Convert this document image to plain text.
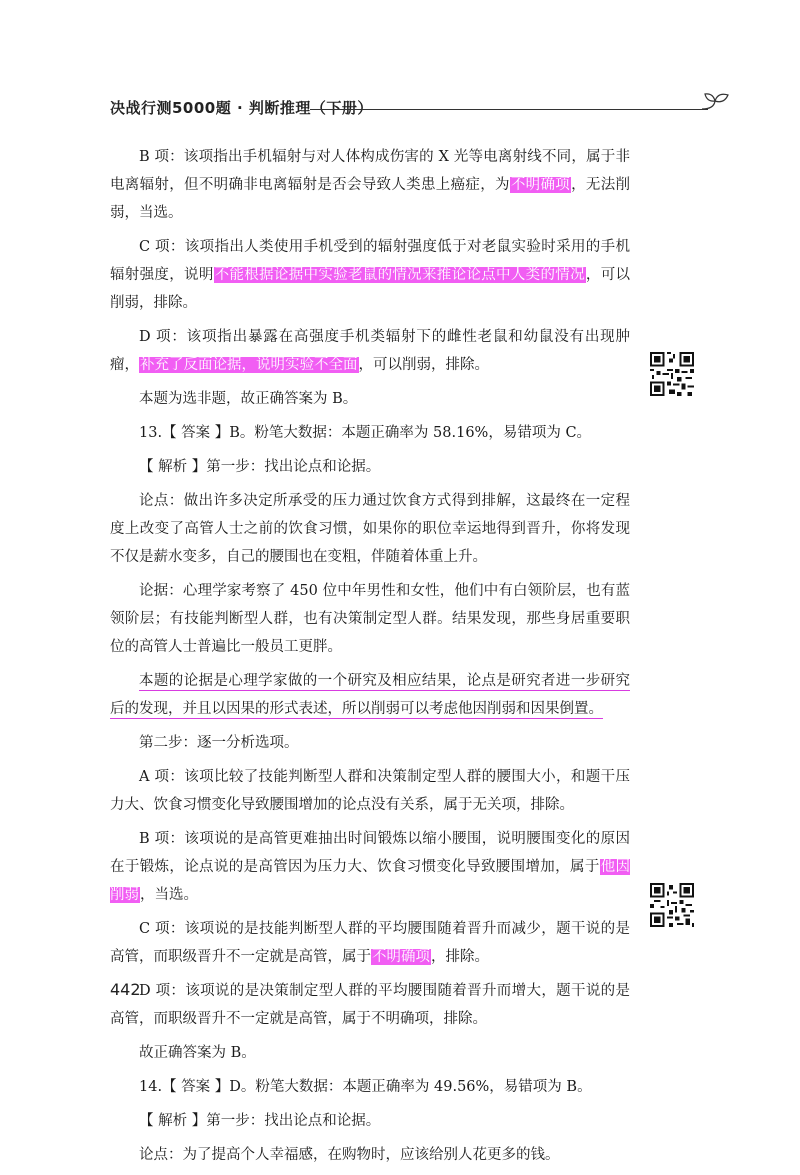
决战行测5000题 · 判断推理（下册）

B 项：该项指出手机辐射与对人体构成伤害的 X 光等电离射线不同，属于非电离辐射，但不明确非电离辐射是否会导致人类患上癌症，为不明确项，无法削弱，当选。

C 项：该项指出人类使用手机受到的辐射强度低于对老鼠实验时采用的手机辐射强度，说明不能根据论据中实验老鼠的情况来推论论点中人类的情况，可以削弱，排除。

D 项：该项指出暴露在高强度手机类辐射下的雌性老鼠和幼鼠没有出现肿瘤，补充了反面论据，说明实验不全面，可以削弱，排除。

本题为选非题，故正确答案为 B。

13.【 答案 】B。粉笔大数据：本题正确率为 58.16%，易错项为 C。

【 解析 】第一步：找出论点和论据。

论点：做出许多决定所承受的压力通过饮食方式得到排解，这最终在一定程度上改变了高管人士之前的饮食习惯，如果你的职位幸运地得到晋升，你将发现不仅是薪水变多，自己的腰围也在变粗，伴随着体重上升。

论据：心理学家考察了 450 位中年男性和女性，他们中有白领阶层，也有蓝领阶层；有技能判断型人群，也有决策制定型人群。结果发现，那些身居重要职位的高管人士普遍比一般员工更胖。

本题的论据是心理学家做的一个研究及相应结果，论点是研究者进一步研究后的发现，并且以因果的形式表述，所以削弱可以考虑他因削弱和因果倒置。

第二步：逐一分析选项。

A 项：该项比较了技能判断型人群和决策制定型人群的腰围大小，和题干压力大、饮食习惯变化导致腰围增加的论点没有关系，属于无关项，排除。

B 项：该项说的是高管更难抽出时间锻炼以缩小腰围，说明腰围变化的原因在于锻炼，论点说的是高管因为压力大、饮食习惯变化导致腰围增加，属于他因削弱，当选。

C 项：该项说的是技能判断型人群的平均腰围随着晋升而减少，题干说的是高管，而职级晋升不一定就是高管，属于不明确项，排除。

D 项：该项说的是决策制定型人群的平均腰围随着晋升而增大，题干说的是高管，而职级晋升不一定就是高管，属于不明确项，排除。

故正确答案为 B。

14.【 答案 】D。粉笔大数据：本题正确率为 49.56%，易错项为 B。

【 解析 】第一步：找出论点和论据。

论点：为了提高个人幸福感，在购物时，应该给别人花更多的钱。

442
